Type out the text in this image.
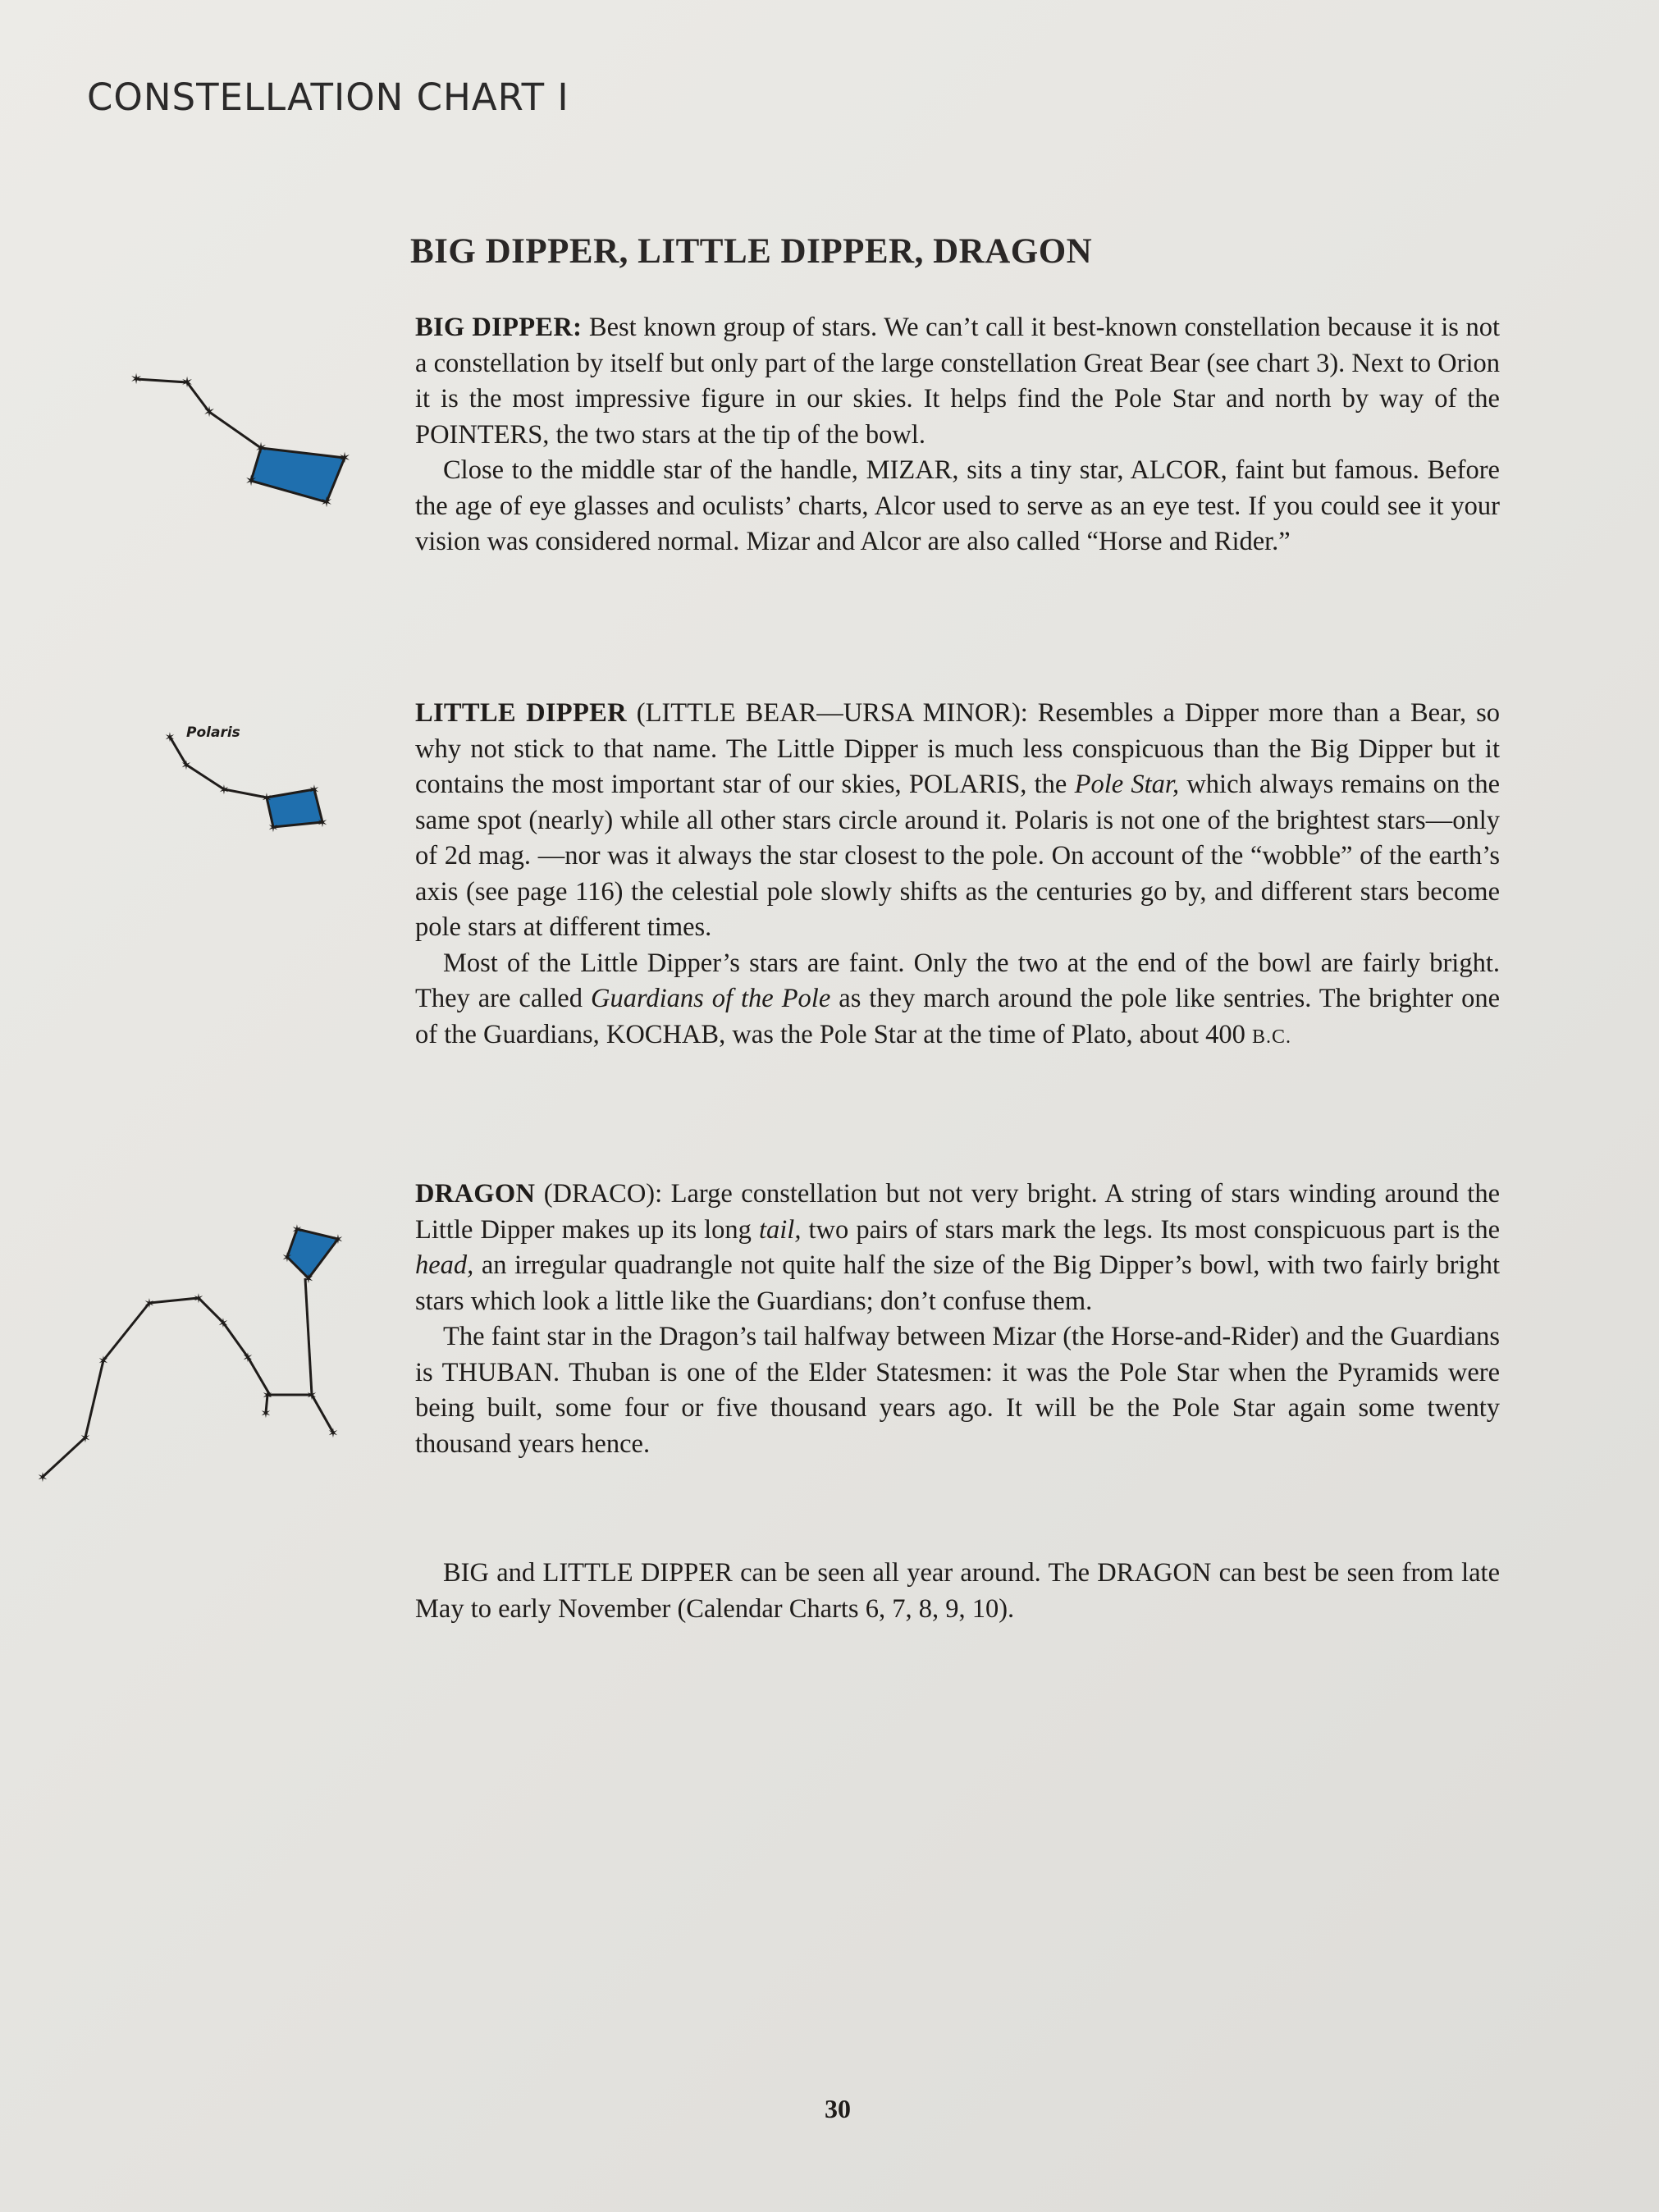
CONSTELLATION CHART I
BIG DIPPER, LITTLE DIPPER, DRAGON
✶	✶
✶
✶
✶
✶
✶
✶
✶
✶
✶
✶
✶
✶
Polaris
✶
✶
✶
✶	✶
✶
✶
✶	✶
✶
✶
✶
✶
✶
✶

BIG DIPPER: Best known group of stars. We can’t call it best-known constellation because it is not a constellation by itself but only part of the large constellation Great Bear (see chart 3). Next to Orion it is the most impressive figure in our skies. It helps find the Pole Star and north by way of the POINTERS, the two stars at the tip of the bowl.

Close to the middle star of the handle, MIZAR, sits a tiny star, ALCOR, faint but famous. Before the age of eye glasses and oculists’ charts, Alcor used to serve as an eye test. If you could see it your vision was considered normal. Mizar and Alcor are also called “Horse and Rider.”

LITTLE DIPPER (LITTLE BEAR—URSA MINOR): Resembles a Dipper more than a Bear, so why not stick to that name. The Little Dipper is much less conspicuous than the Big Dipper but it contains the most important star of our skies, POLARIS, the Pole Star, which always remains on the same spot (nearly) while all other stars circle around it. Polaris is not one of the brightest stars—only of 2d mag. —nor was it always the star closest to the pole. On account of the “wobble” of the earth’s axis (see page 116) the celestial pole slowly shifts as the centuries go by, and different stars become pole stars at different times.

Most of the Little Dipper’s stars are faint. Only the two at the end of the bowl are fairly bright. They are called Guardians of the Pole as they march around the pole like sentries. The brighter one of the Guardians, KOCHAB, was the Pole Star at the time of Plato, about 400 B.C.

DRAGON (DRACO): Large constellation but not very bright. A string of stars winding around the Little Dipper makes up its long tail, two pairs of stars mark the legs. Its most conspicuous part is the head, an irregular quadrangle not quite half the size of the Big Dipper’s bowl, with two fairly bright stars which look a little like the Guardians; don’t confuse them.

The faint star in the Dragon’s tail halfway between Mizar (the Horse-and-Rider) and the Guardians is THUBAN. Thuban is one of the Elder Statesmen: it was the Pole Star when the Pyramids were being built, some four or five thousand years ago. It will be the Pole Star again some twenty thousand years hence.

BIG and LITTLE DIPPER can be seen all year around. The DRAGON can best be seen from late May to early November (Calendar Charts 6, 7, 8, 9, 10).

30
